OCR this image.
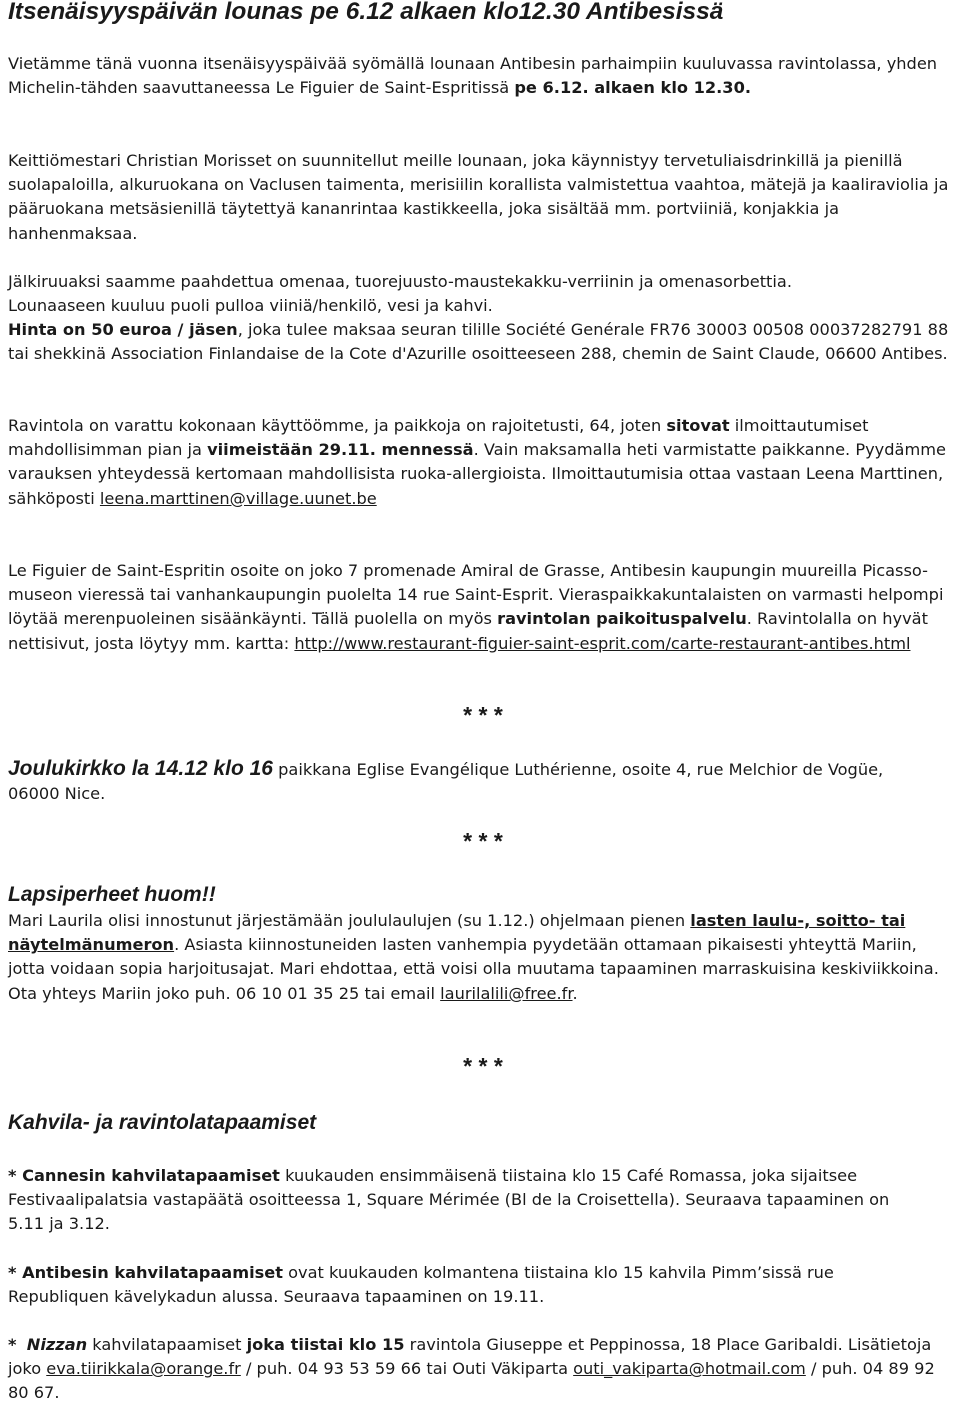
Itsenäisyyspäivän lounas pe 6.12 alkaen klo12.30 Antibesissä

Vietämme tänä vuonna itsenäisyyspäivää syömällä lounaan Antibesin parhaimpiin kuuluvassa ravintolassa, yhden Michelin-tähden saavuttaneessa Le Figuier de Saint-Espritissä pe 6.12. alkaen klo 12.30.

Keittiömestari Christian Morisset on suunnitellut meille lounaan, joka käynnistyy tervetuliaisdrinkillä ja pienillä suolapaloilla, alkuruokana on Vaclusen taimenta, merisiilin korallista valmistettua vaahtoa, mätejä ja kaaliraviolia ja pääruokana metsäsienillä täytettyä kananrintaa kastikkeella, joka sisältää mm. portviiniä, konjakkia ja hanhenmaksaa.

Jälkiruuaksi saamme paahdettua omenaa, tuorejuusto-maustekakku-verriinin ja omenasorbettia. Lounaaseen kuuluu puoli pulloa viiniä/henkilö, vesi ja kahvi.

Hinta on 50 euroa / jäsen, joka tulee maksaa seuran tilille Société Genérale FR76 30003 00508 00037282791 88 tai shekkinä Association Finlandaise de la Cote d'Azurille osoitteeseen 288, chemin de Saint Claude, 06600 Antibes.

Ravintola on varattu kokonaan käyttöömme, ja paikkoja on rajoitetusti, 64, joten sitovat ilmoittautumiset mahdollisimman pian ja viimeistään 29.11. mennessä. Vain maksamalla heti varmistatte paikkanne. Pyydämme varauksen yhteydessä kertomaan mahdollisista ruoka-allergioista. Ilmoittautumisia ottaa vastaan Leena Marttinen, sähköposti leena.marttinen@village.uunet.be

Le Figuier de Saint-Espritin osoite on joko 7 promenade Amiral de Grasse, Antibesin kaupungin muureilla Picasso-museon vieressä tai vanhankaupungin puolelta 14 rue Saint-Esprit. Vieraspaikkakuntalaisten on varmasti helpompi löytää merenpuoleinen sisäänkäynti. Tällä puolella on myös ravintolan paikoituspalvelu. Ravintolalla on hyvät nettisivut, josta löytyy mm. kartta: http://www.restaurant-figuier-saint-esprit.com/carte-restaurant-antibes.html

* * *

Joulukirkko la 14.12 klo 16 paikkana Eglise Evangélique Luthérienne, osoite 4, rue Melchior de Vogüe, 06000 Nice.

* * *
Lapsiperheet huom!!

Mari Laurila olisi innostunut järjestämään joululaulujen (su 1.12.) ohjelmaan pienen lasten laulu-, soitto- tai näytelmänumeron. Asiasta kiinnostuneiden lasten vanhempia pyydetään ottamaan pikaisesti yhteyttä Mariin, jotta voidaan sopia harjoitusajat. Mari ehdottaa, että voisi olla muutama tapaaminen marraskuisina keskiviikkoina. Ota yhteys Mariin joko puh. 06 10 01 35 25 tai email laurilalili@free.fr.

* * *
Kahvila- ja ravintolatapaamiset

* Cannesin kahvilatapaamiset kuukauden ensimmäisenä tiistaina klo 15 Café Romassa, joka sijaitsee Festivaalipalatsia vastapäätä osoitteessa 1, Square Mérimée (Bl de la Croisettella). Seuraava tapaaminen on 5.11 ja 3.12.

* Antibesin kahvilatapaamiset ovat kuukauden kolmantena tiistaina klo 15 kahvila Pimm’sissä rue Republiquen kävelykadun alussa. Seuraava tapaaminen on 19.11.

* Nizzan kahvilatapaamiset joka tiistai klo 15 ravintola Giuseppe et Peppinossa, 18 Place Garibaldi. Lisätietoja joko eva.tiirikkala@orange.fr / puh. 04 93 53 59 66 tai Outi Väkiparta outi_vakiparta@hotmail.com / puh. 04 89 92 80 67.
